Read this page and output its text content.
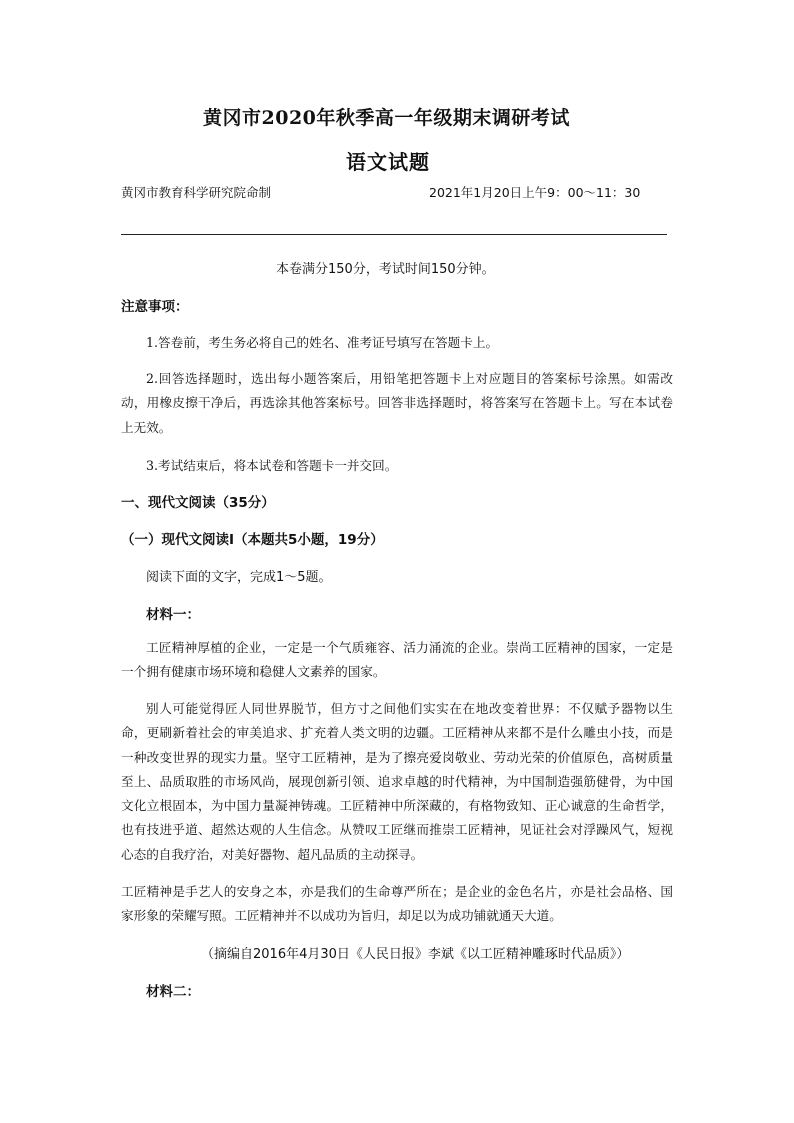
黄冈市2020年秋季高一年级期末调研考试
语文试题
黄冈市教育科学研究院命制	2021年1月20日上午9：00～11：30
本卷满分150分，考试时间150分钟。
注意事项：
1.答卷前，考生务必将自己的姓名、准考证号填写在答题卡上。
2.回答选择题时，选出每小题答案后，用铅笔把答题卡上对应题目的答案标号涂黑。如需改动，用橡皮擦干净后，再选涂其他答案标号。回答非选择题时，将答案写在答题卡上。写在本试卷上无效。
3.考试结束后，将本试卷和答题卡一并交回。
一、现代文阅读（35分）
（一）现代文阅读Ⅰ（本题共5小题，19分）
阅读下面的文字，完成1～5题。
材料一：
工匠精神厚植的企业，一定是一个气质雍容、活力涌流的企业。崇尚工匠精神的国家，一定是一个拥有健康市场环境和稳健人文素养的国家。
别人可能觉得匠人同世界脱节，但方寸之间他们实实在在地改变着世界：不仅赋予器物以生命，更刷新着社会的审美追求、扩充着人类文明的边疆。工匠精神从来都不是什么雕虫小技，而是一种改变世界的现实力量。坚守工匠精神，是为了擦亮爱岗敬业、劳动光荣的价值原色，高树质量至上、品质取胜的市场风尚，展现创新引领、追求卓越的时代精神，为中国制造强筋健骨，为中国文化立根固本，为中国力量凝神铸魂。工匠精神中所深藏的，有格物致知、正心诚意的生命哲学，也有技进乎道、超然达观的人生信念。从赞叹工匠继而推崇工匠精神，见证社会对浮躁风气，短视心态的自我疗治，对美好器物、超凡品质的主动探寻。
工匠精神是手艺人的安身之本，亦是我们的生命尊严所在；是企业的金色名片，亦是社会品格、国家形象的荣耀写照。工匠精神并不以成功为旨归，却足以为成功铺就通天大道。
（摘编自2016年4月30日《人民日报》李斌《以工匠精神雕琢时代品质》）
材料二：
